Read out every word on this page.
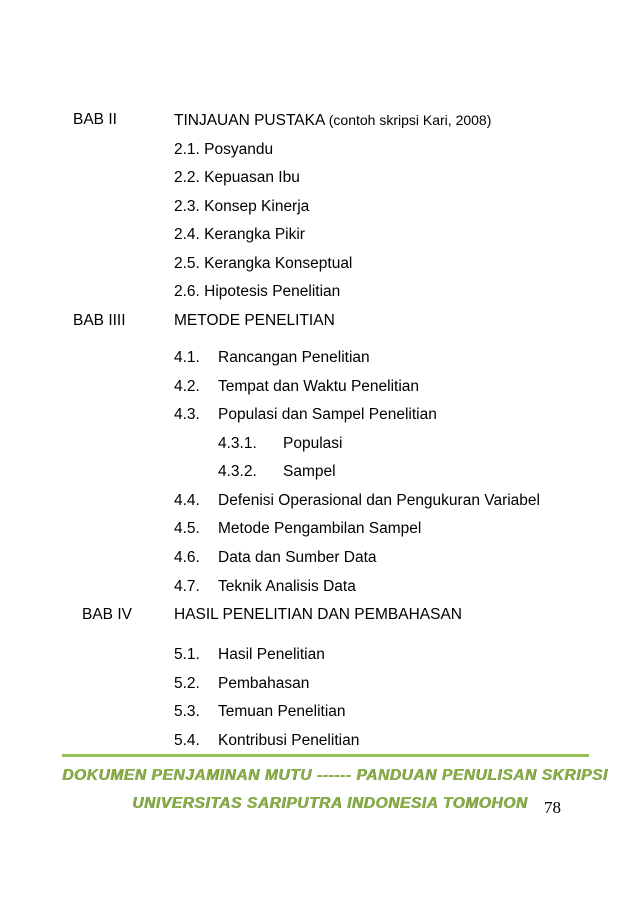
BAB II	TINJAUAN PUSTAKA (contoh skripsi Kari, 2008)
2.1. Posyandu
2.2. Kepuasan Ibu
2.3. Konsep Kinerja
2.4. Kerangka Pikir
2.5. Kerangka Konseptual
2.6. Hipotesis Penelitian
BAB IIII	METODE PENELITIAN
4.1. Rancangan Penelitian
4.2. Tempat dan Waktu Penelitian
4.3. Populasi dan Sampel Penelitian
4.3.1. Populasi
4.3.2. Sampel
4.4. Defenisi Operasional dan Pengukuran Variabel
4.5. Metode Pengambilan Sampel
4.6. Data dan Sumber Data
4.7. Teknik Analisis Data
BAB IV	HASIL PENELITIAN DAN PEMBAHASAN
5.1. Hasil Penelitian
5.2. Pembahasan
5.3. Temuan Penelitian
5.4. Kontribusi Penelitian
DOKUMEN PENJAMINAN MUTU ------ PANDUAN PENULISAN SKRIPSI
UNIVERSITAS SARIPUTRA INDONESIA TOMOHON 78
